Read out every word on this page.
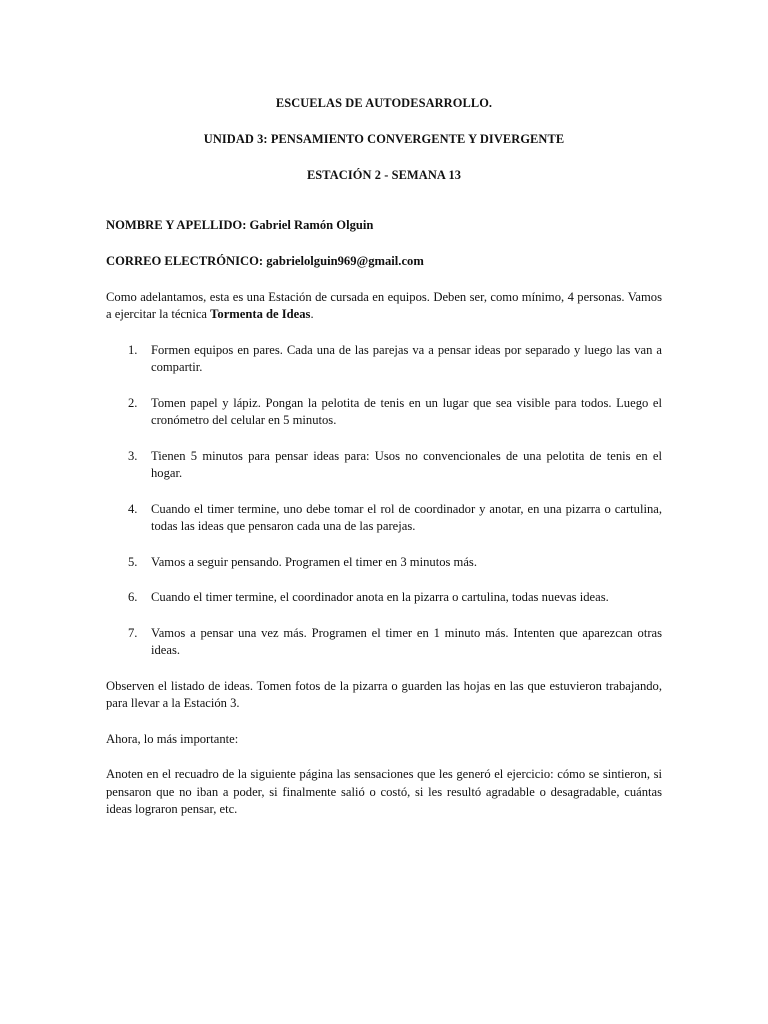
ESCUELAS DE AUTODESARROLLO.

UNIDAD 3: PENSAMIENTO CONVERGENTE Y DIVERGENTE

ESTACIÓN 2 - SEMANA 13

NOMBRE Y APELLIDO: Gabriel Ramón Olguin

CORREO ELECTRÓNICO: gabrielolguin969@gmail.com

Como adelantamos, esta es una Estación de cursada en equipos. Deben ser, como mínimo, 4 personas. Vamos a ejercitar la técnica Tormenta de Ideas.

1. Formen equipos en pares. Cada una de las parejas va a pensar ideas por separado y luego las van a compartir.
2. Tomen papel y lápiz. Pongan la pelotita de tenis en un lugar que sea visible para todos. Luego el cronómetro del celular en 5 minutos.
3. Tienen 5 minutos para pensar ideas para: Usos no convencionales de una pelotita de tenis en el hogar.
4. Cuando el timer termine, uno debe tomar el rol de coordinador y anotar, en una pizarra o cartulina, todas las ideas que pensaron cada una de las parejas.
5. Vamos a seguir pensando. Programen el timer en 3 minutos más.
6. Cuando el timer termine, el coordinador anota en la pizarra o cartulina, todas nuevas ideas.
7. Vamos a pensar una vez más. Programen el timer en 1 minuto más. Intenten que aparezcan otras ideas.

Observen el listado de ideas. Tomen fotos de la pizarra o guarden las hojas en las que estuvieron trabajando, para llevar a la Estación 3.

Ahora, lo más importante:

Anoten en el recuadro de la siguiente página las sensaciones que les generó el ejercicio: cómo se sintieron, si pensaron que no iban a poder, si finalmente salió o costó, si les resultó agradable o desagradable, cuántas ideas lograron pensar, etc.
